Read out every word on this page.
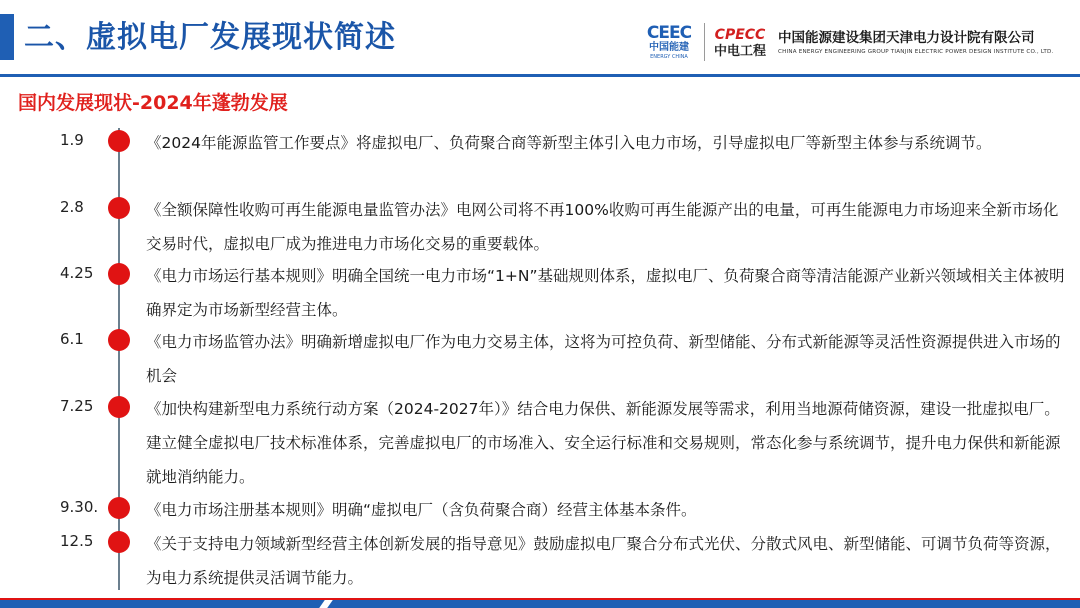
二、虚拟电厂发展现状简述	CEEC
中国能建
ENERGY CHINA
CPECC
中电工程
中国能源建设集团天津电力设计院有限公司
CHINA ENERGY ENGINEERING GROUP TIANJIN ELECTRIC POWER DESIGN INSTITUTE CO., LTD.
国内发展现状-2024年蓬勃发展
1.9	《2024年能源监管工作要点》将虚拟电厂、负荷聚合商等新型主体引入电力市场，引导虚拟电厂等新型主体参与系统调节。
2.8	《全额保障性收购可再生能源电量监管办法》电网公司将不再100%收购可再生能源产出的电量，可再生能源电力市场迎来全新市场化交易时代，虚拟电厂成为推进电力市场化交易的重要载体。
4.25	《电力市场运行基本规则》明确全国统一电力市场“1+N”基础规则体系，虚拟电厂、负荷聚合商等清洁能源产业新兴领域相关主体被明确界定为市场新型经营主体。
6.1	《电力市场监管办法》明确新增虚拟电厂作为电力交易主体，这将为可控负荷、新型储能、分布式新能源等灵活性资源提供进入市场的机会
7.25	《加快构建新型电力系统行动方案（2024-2027年）》结合电力保供、新能源发展等需求，利用当地源荷储资源，建设一批虚拟电厂。建立健全虚拟电厂技术标准体系，完善虚拟电厂的市场准入、安全运行标准和交易规则，常态化参与系统调节，提升电力保供和新能源就地消纳能力。
9.30.	《电力市场注册基本规则》明确“虚拟电厂（含负荷聚合商）经营主体基本条件。
12.5	《关于支持电力领域新型经营主体创新发展的指导意见》鼓励虚拟电厂聚合分布式光伏、分散式风电、新型储能、可调节负荷等资源，为电力系统提供灵活调节能力。
